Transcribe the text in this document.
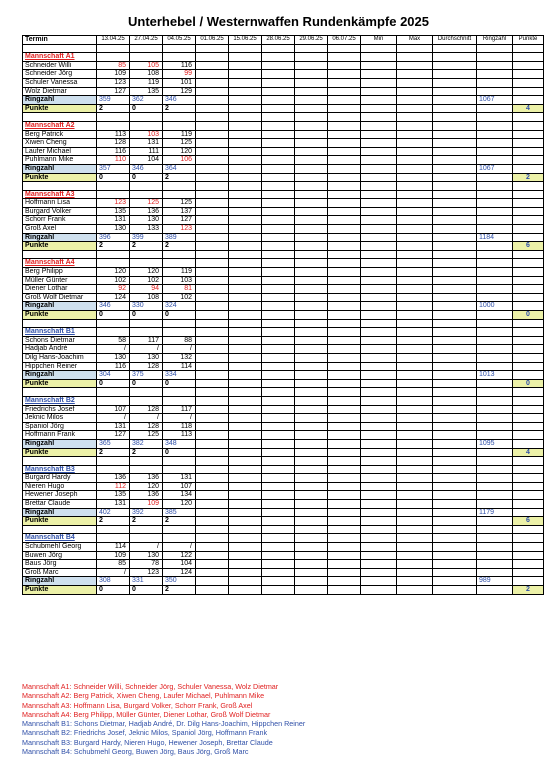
Unterhebel / Westernwaffen Rundenkämpfe 2025
Termin	13.04.25	27.04.25	04.05.25	01.06.25	15.06.25	28.06.25	29.06.25	06.07.25	Min	Max	Durchschnitt	Ringzahl	Punkte

Mannschaft A1													
Schneider Willi	85	105	116										
Schneider Jörg	109	108	99										
Schuler Vanessa	123	119	101										
Wolz Dietmar	127	135	129										
Ringzahl	359	362	346									1067	
Punkte	2	0	2										4

Mannschaft A2													
Berg Patrick	113	103	119										
Xiwen Cheng	128	131	125										
Laufer Michael	116	111	120										
Puhlmann Mike	110	104	106										
Ringzahl	357	346	364									1067	
Punkte	0	0	2										2

Mannschaft A3													
Hoffmann Lisa	123	125	125										
Burgard Volker	135	136	137										
Schorr Frank	131	130	127										
Groß Axel	130	133	123										
Ringzahl	396	399	389									1184	
Punkte	2	2	2										6

Mannschaft A4													
Berg Philipp	120	120	119										
Müller Günter	102	102	103										
Diener Lothar	92	94	81										
Groß Wolf Dietmar	124	108	102										
Ringzahl	346	330	324									1000	
Punkte	0	0	0										0

Mannschaft B1													
Schons Dietmar	58	117	88										
Hadjab André	/	/	/										
Dilg Hans-Joachim	130	130	132										
Hippchen Reiner	116	128	114										
Ringzahl	304	375	334									1013	
Punkte	0	0	0										0

Mannschaft B2													
Friedrichs Josef	107	128	117										
Jeknic Milos	/	/	/										
Spaniol Jörg	131	128	118										
Hoffmann Frank	127	125	113										
Ringzahl	365	382	348									1095	
Punkte	2	2	0										4

Mannschaft B3													
Burgard Hardy	136	136	131										
Nieren Hugo	112	120	107										
Hewener Joseph	135	136	134										
Brettar Claude	131	109	120										
Ringzahl	402	392	385									1179	
Punkte	2	2	2										6

Mannschaft B4													
Schubmehl Georg	114	/	/										
Buwen Jörg	109	130	122										
Baus Jörg	85	78	104										
Groß Marc	/	123	124										
Ringzahl	308	331	350									989	
Punkte	0	0	2										2
Mannschaft A1: Schneider Willi, Schneider Jörg, Schuler Vanessa, Wolz Dietmar
Mannschaft A2: Berg Patrick, Xiwen Cheng, Laufer Michael, Puhlmann Mike
Mannschaft A3: Hoffmann Lisa, Burgard Volker, Schorr Frank, Groß Axel
Mannschaft A4: Berg Philipp, Müller Günter, Diener Lothar, Groß Wolf Dietmar
Mannschaft B1: Schons Dietmar, Hadjab André, Dr. Dilg Hans-Joachim, Hippchen Reiner
Mannschaft B2: Friedrichs Josef, Jeknic Milos, Spaniol Jörg, Hoffmann Frank
Mannschaft B3: Burgard Hardy, Nieren Hugo, Hewener Joseph, Brettar Claude
Mannschaft B4: Schubmehl Georg, Buwen Jörg, Baus Jörg, Groß Marc
